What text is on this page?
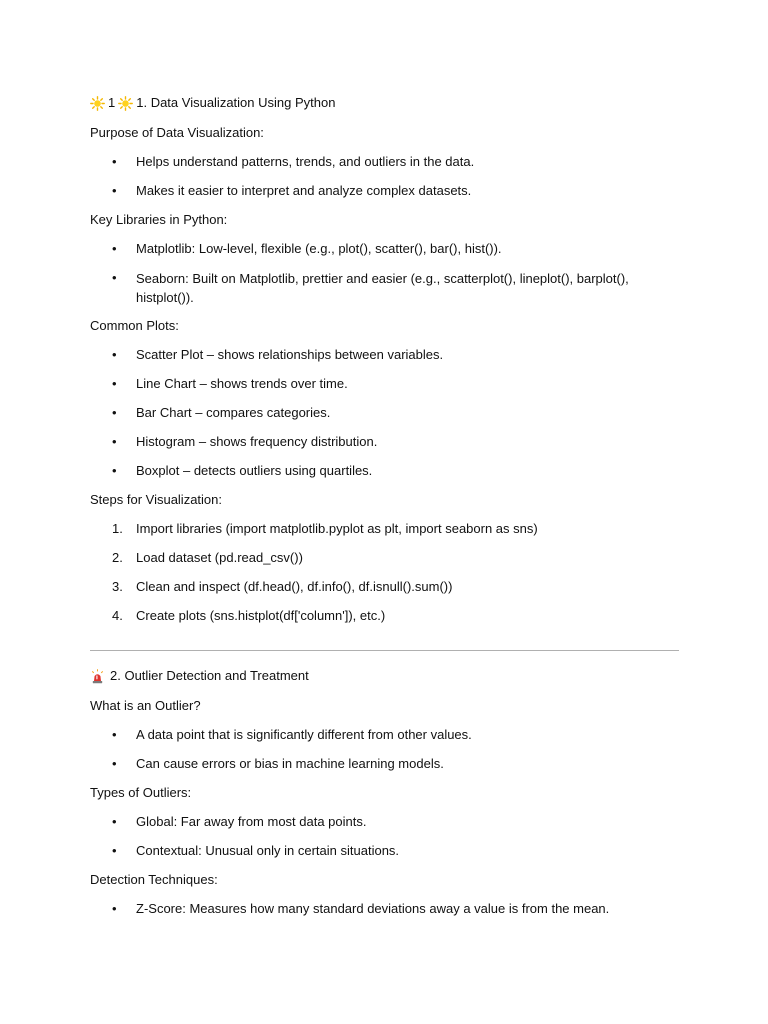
1 1. Data Visualization Using Python
Purpose of Data Visualization:
•	Helps understand patterns, trends, and outliers in the data.
•	Makes it easier to interpret and analyze complex datasets.
Key Libraries in Python:
•	Matplotlib: Low-level, flexible (e.g., plot(), scatter(), bar(), hist()).
•	Seaborn: Built on Matplotlib, prettier and easier (e.g., scatterplot(), lineplot(), barplot(), histplot()).
Common Plots:
•	Scatter Plot – shows relationships between variables.
•	Line Chart – shows trends over time.
•	Bar Chart – compares categories.
•	Histogram – shows frequency distribution.
•	Boxplot – detects outliers using quartiles.
Steps for Visualization:
1.	Import libraries (import matplotlib.pyplot as plt, import seaborn as sns)
2.	Load dataset (pd.read_csv())
3.	Clean and inspect (df.head(), df.info(), df.isnull().sum())
4.	Create plots (sns.histplot(df['column']), etc.)
2. Outlier Detection and Treatment
What is an Outlier?
•	A data point that is significantly different from other values.
•	Can cause errors or bias in machine learning models.
Types of Outliers:
•	Global: Far away from most data points.
•	Contextual: Unusual only in certain situations.
Detection Techniques:
•	Z-Score: Measures how many standard deviations away a value is from the mean.
